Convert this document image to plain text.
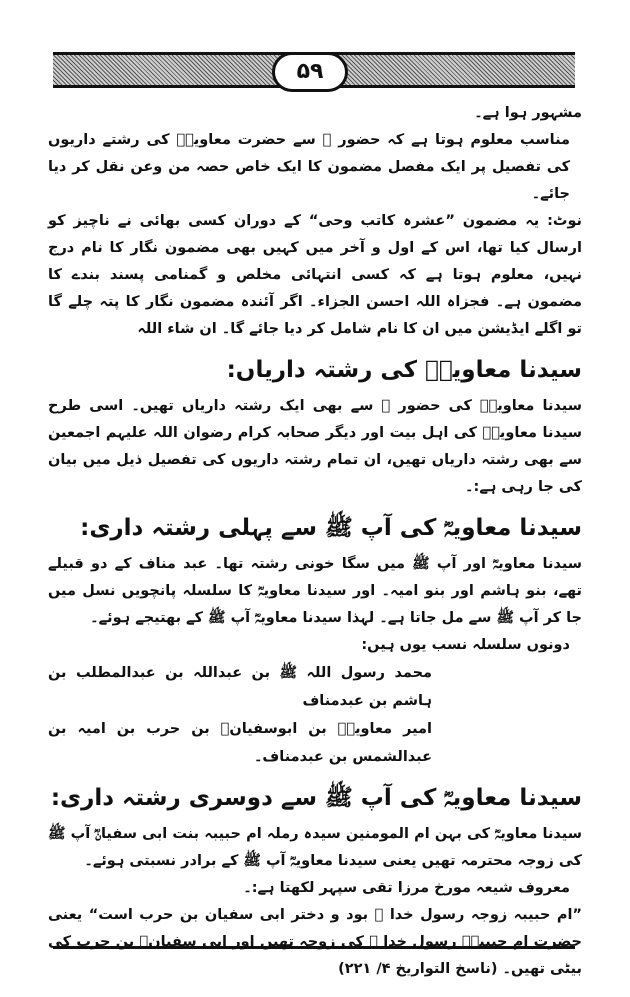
۵۹

مشہور ہوا ہے۔

مناسب معلوم ہوتا ہے کہ حضور ﷺ سے حضرت معاویہؓ کی رشتے داریوں کی تفصیل پر ایک مفصل مضمون کا ایک خاص حصہ من وعن نقل کر دیا جائے۔

نوٹ: یہ مضمون ”عشرہ کاتب وحی“ کے دوران کسی بھائی نے ناچیز کو ارسال کیا تھا، اس کے اول و آخر میں کہیں بھی مضمون نگار کا نام درج نہیں، معلوم ہوتا ہے کہ کسی انتہائی مخلص و گمنامی پسند بندے کا مضمون ہے۔ فجزاہ اللہ احسن الجزاء۔ اگر آئندہ مضمون نگار کا پتہ چلے گا تو اگلے ایڈیشن میں ان کا نام شامل کر دیا جائے گا۔ ان شاء اللہ

سیدنا معاویہؓ کی رشتہ داریاں:

سیدنا معاویہؓ کی حضور ﷺ سے بھی ایک رشتہ داریاں تھیں۔ اسی طرح سیدنا معاویہؓ کی اہل بیت اور دیگر صحابہ کرام رضوان اللہ علیہم اجمعین سے بھی رشتہ داریاں تھیں، ان تمام رشتہ داریوں کی تفصیل ذیل میں بیان کی جا رہی ہے:۔

سیدنا معاویہؓ کی آپ ﷺ سے پہلی رشتہ داری:

سیدنا معاویہؓ اور آپ ﷺ میں سگا خونی رشتہ تھا۔ عبد مناف کے دو قبیلے تھے، بنو ہاشم اور بنو امیہ۔ اور سیدنا معاویہؓ کا سلسلہ پانچویں نسل میں جا کر آپ ﷺ سے مل جاتا ہے۔ لہذا سیدنا معاویہؓ آپ ﷺ کے بھتیجے ہوئے۔

دونوں سلسلہ نسب یوں ہیں:

محمد رسول اللہ ﷺ بن عبداللہ بن عبدالمطلب بن ہاشم بن عبدمناف

امیر معاویہؓ بن ابوسفیانؓ بن حرب بن امیہ بن عبدالشمس بن عبدمناف۔

سیدنا معاویہؓ کی آپ ﷺ سے دوسری رشتہ داری:

سیدنا معاویہؓ کی بہن ام المومنین سیدہ رملہ ام حبیبہ بنت ابی سفیانؓ آپ ﷺ کی زوجہ محترمہ تھیں یعنی سیدنا معاویہؓ آپ ﷺ کے برادر نسبتی ہوئے۔

معروف شیعہ مورخ مرزا تقی سپہر لکھتا ہے:۔

”ام حبیبہ زوجہ رسول خدا ﷺ بود و دختر ابی سفیان بن حرب است“ یعنی حضرت ام حبیبہؓ رسول خدا ﷺ کی زوجہ تھیں اور ابی سفیانؓ بن حرب کی بیٹی تھیں۔ (ناسخ التواریخ ۴/ ۲۲۱)
